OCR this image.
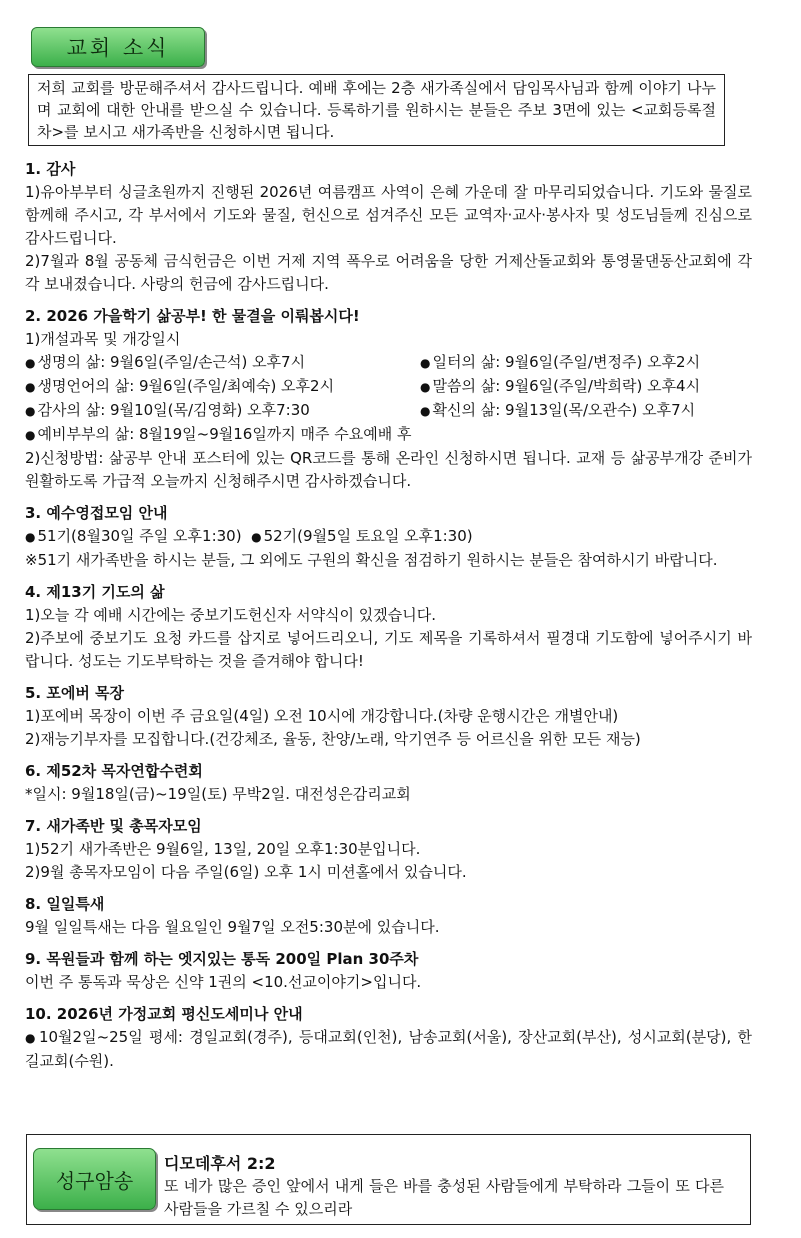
교회 소식
저희 교회를 방문해주셔서 감사드립니다. 예배 후에는 2층 새가족실에서 담임목사님과 함께 이야기 나누며 교회에 대한 안내를 받으실 수 있습니다. 등록하기를 원하시는 분들은 주보 3면에 있는 <교회등록절차>를 보시고 새가족반을 신청하시면 됩니다.
1. 감사

1)유아부부터 싱글초원까지 진행된 2026년 여름캠프 사역이 은혜 가운데 잘 마무리되었습니다. 기도와 물질로 함께해 주시고, 각 부서에서 기도와 물질, 헌신으로 섬겨주신 모든 교역자·교사·봉사자 및 성도님들께 진심으로 감사드립니다.

2)7월과 8월 공동체 금식헌금은 이번 거제 지역 폭우로 어려움을 당한 거제산돌교회와 통영물댄동산교회에 각각 보내졌습니다. 사랑의 헌금에 감사드립니다.

2. 2026 가을학기 삶공부! 한 물결을 이뤄봅시다!

1)개설과목 및 개강일시

● 생명의 삶: 9월6일(주일/손근석) 오후7시	● 일터의 삶: 9월6일(주일/변정주) 오후2시
● 생명언어의 삶: 9월6일(주일/최예숙) 오후2시	● 말씀의 삶: 9월6일(주일/박희락) 오후4시
● 감사의 삶: 9월10일(목/김영화) 오후7:30	● 확신의 삶: 9월13일(목/오관수) 오후7시

● 예비부부의 삶: 8월19일~9월16일까지 매주 수요예배 후

2)신청방법: 삶공부 안내 포스터에 있는 QR코드를 통해 온라인 신청하시면 됩니다. 교재 등 삶공부개강 준비가 원활하도록 가급적 오늘까지 신청해주시면 감사하겠습니다.

3. 예수영접모임 안내

● 51기(8월30일 주일 오후1:30) ● 52기(9월5일 토요일 오후1:30)

※51기 새가족반을 하시는 분들, 그 외에도 구원의 확신을 점검하기 원하시는 분들은 참여하시기 바랍니다.

4. 제13기 기도의 삶

1)오늘 각 예배 시간에는 중보기도헌신자 서약식이 있겠습니다.

2)주보에 중보기도 요청 카드를 삽지로 넣어드리오니, 기도 제목을 기록하셔서 필경대 기도함에 넣어주시기 바랍니다. 성도는 기도부탁하는 것을 즐겨해야 합니다!

5. 포에버 목장

1)포에버 목장이 이번 주 금요일(4일) 오전 10시에 개강합니다.(차량 운행시간은 개별안내)

2)재능기부자를 모집합니다.(건강체조, 율동, 찬양/노래, 악기연주 등 어르신을 위한 모든 재능)

6. 제52차 목자연합수련회

*일시: 9월18일(금)~19일(토) 무박2일. 대전성은감리교회

7. 새가족반 및 총목자모임

1)52기 새가족반은 9월6일, 13일, 20일 오후1:30분입니다.

2)9월 총목자모임이 다음 주일(6일) 오후 1시 미션홀에서 있습니다.

8. 일일특새

9월 일일특새는 다음 월요일인 9월7일 오전5:30분에 있습니다.

9. 목원들과 함께 하는 엣지있는 통독 200일 Plan 30주차

이번 주 통독과 묵상은 신약 1권의 <10.선교이야기>입니다.

10. 2026년 가정교회 평신도세미나 안내

● 10월2일~25일 평세: 경일교회(경주), 등대교회(인천), 남송교회(서울), 장산교회(부산), 성시교회(분당), 한길교회(수원).

성구암송
디모데후서 2:2
또 네가 많은 증인 앞에서 내게 들은 바를 충성된 사람들에게 부탁하라 그들이 또 다른 사람들을 가르칠 수 있으리라
